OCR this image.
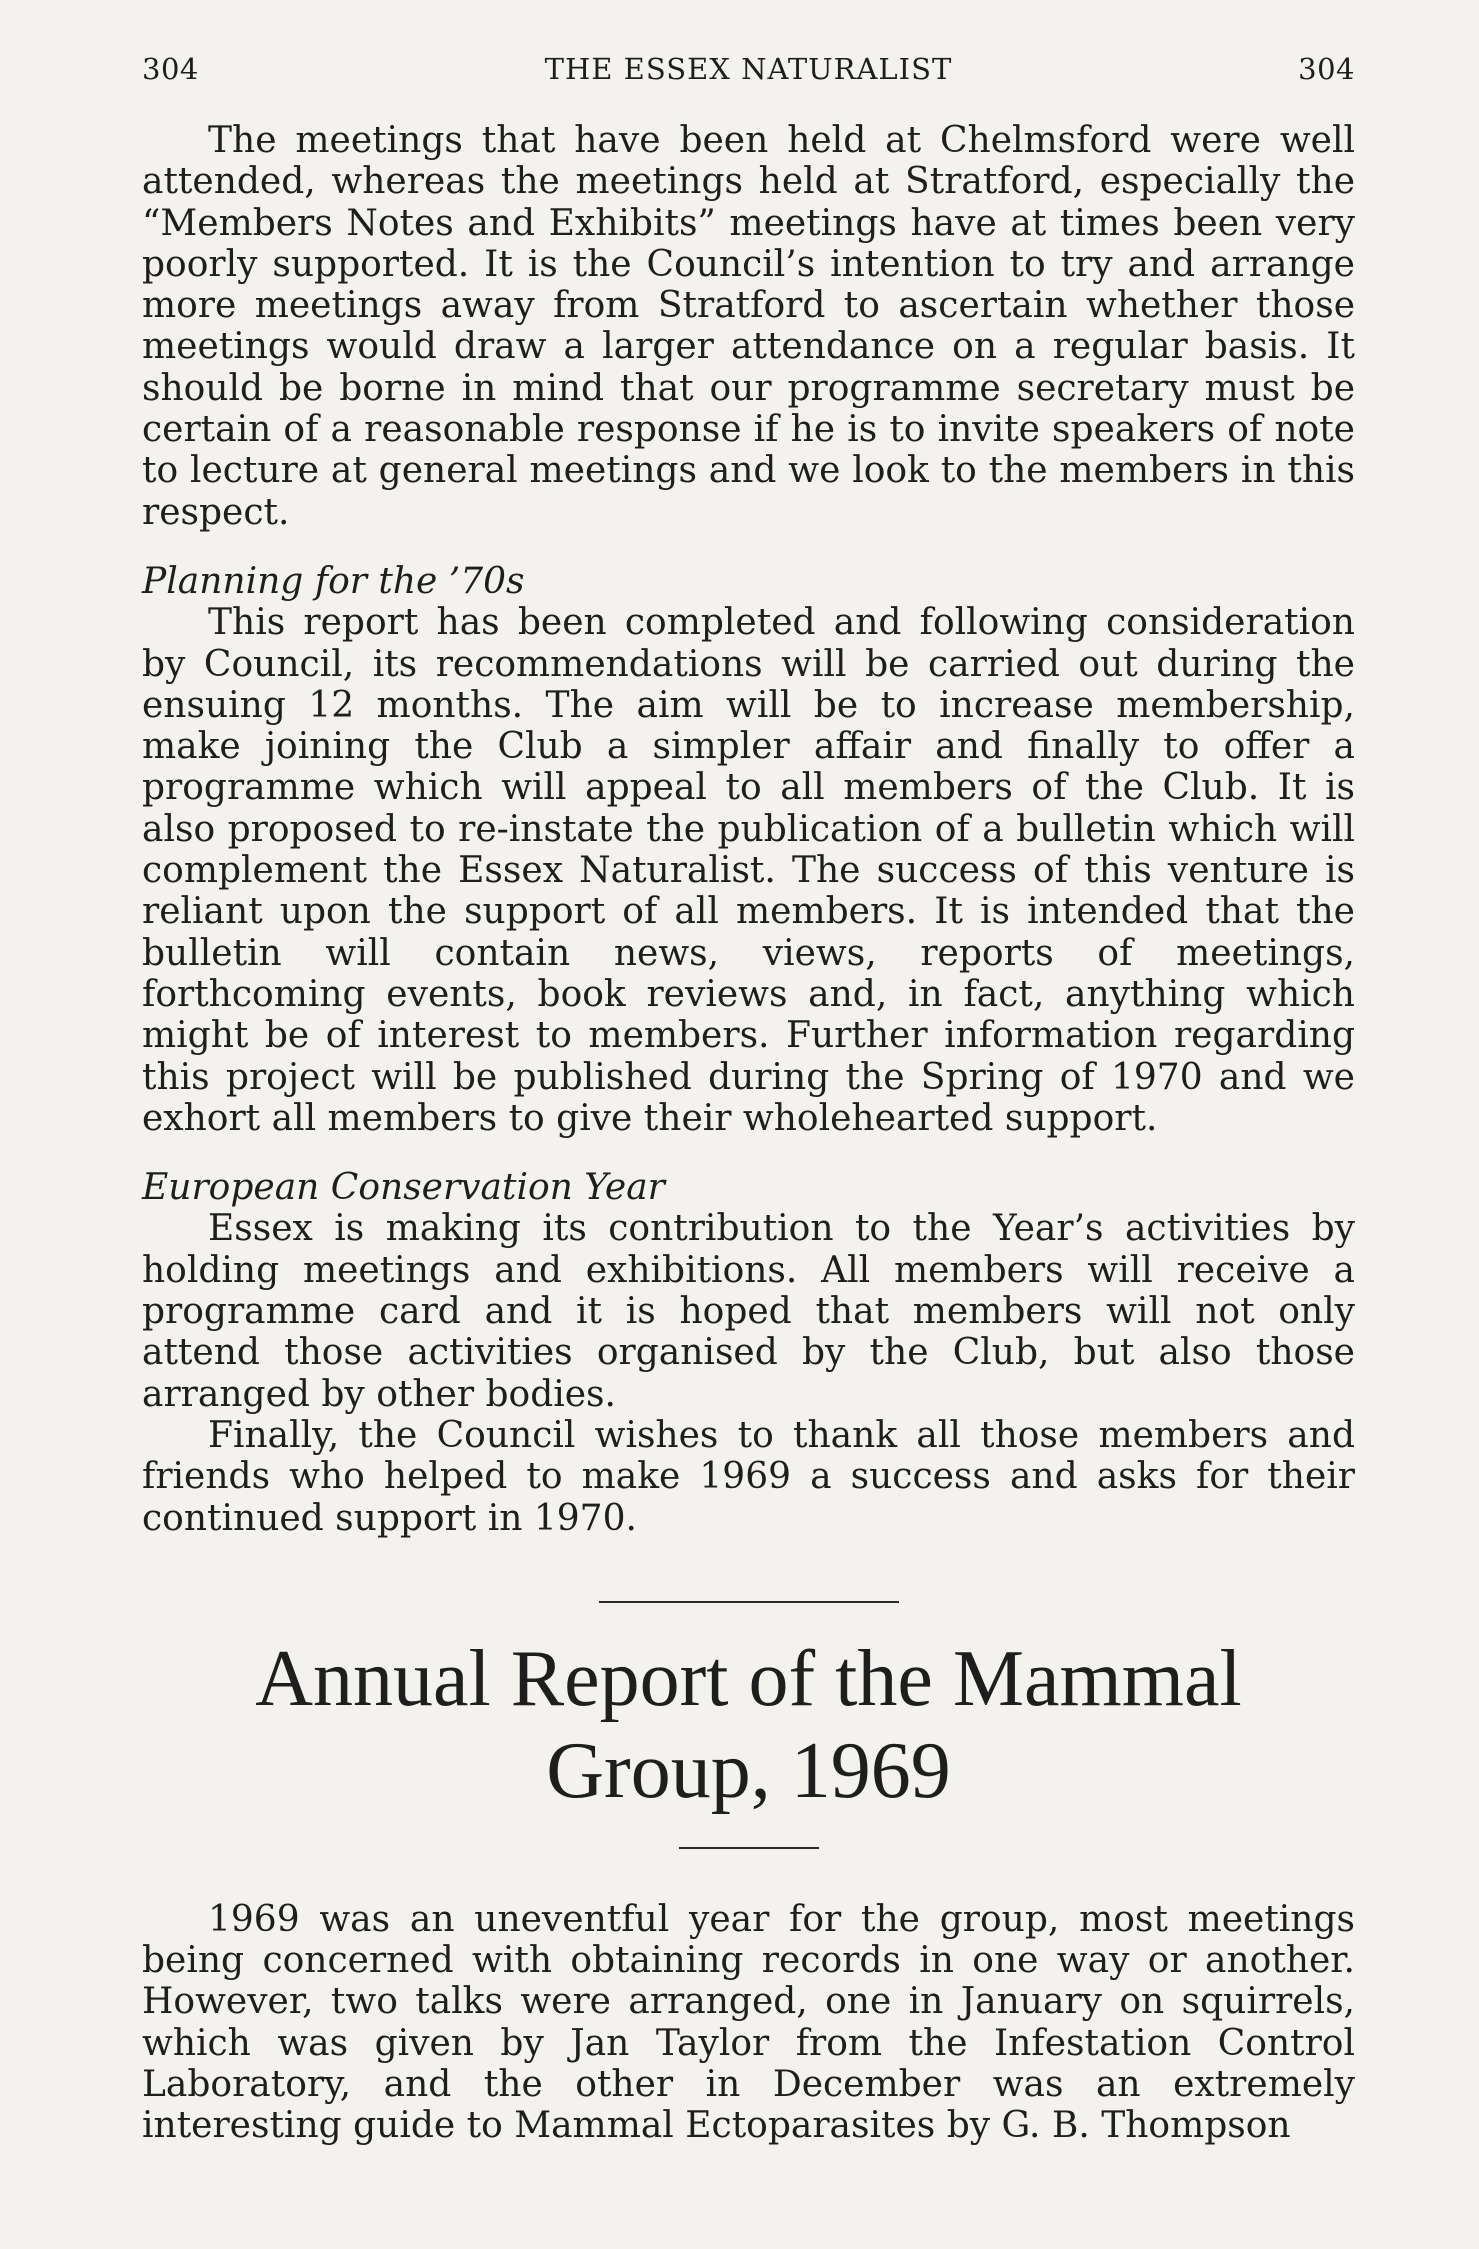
304	THE ESSEX NATURALIST	304

The meetings that have been held at Chelmsford were well attended, whereas the meetings held at Stratford, especially the “Members Notes and Exhibits” meetings have at times been very poorly supported. It is the Council’s intention to try and arrange more meetings away from Stratford to ascertain whether those meetings would draw a larger attendance on a regular basis. It should be borne in mind that our programme secretary must be certain of a reasonable response if he is to invite speakers of note to lecture at general meetings and we look to the members in this respect.

Planning for the ’70s

This report has been completed and following consideration by Council, its recommendations will be carried out during the ensuing 12 months. The aim will be to increase membership, make joining the Club a simpler affair and finally to offer a programme which will appeal to all members of the Club. It is also proposed to re-instate the publication of a bulletin which will complement the Essex Naturalist. The success of this venture is reliant upon the support of all members. It is intended that the bulletin will contain news, views, reports of meetings, forthcoming events, book reviews and, in fact, anything which might be of interest to members. Further information regarding this project will be published during the Spring of 1970 and we exhort all members to give their wholehearted support.

European Conservation Year

Essex is making its contribution to the Year’s activities by holding meetings and exhibitions. All members will receive a programme card and it is hoped that members will not only attend those activities organised by the Club, but also those arranged by other bodies.

Finally, the Council wishes to thank all those members and friends who helped to make 1969 a success and asks for their continued support in 1970.

Annual Report of the Mammal
Group, 1969

1969 was an uneventful year for the group, most meetings being concerned with obtaining records in one way or another. However, two talks were arranged, one in January on squirrels, which was given by Jan Taylor from the Infestation Control Laboratory, and the other in December was an extremely interesting guide to Mammal Ectoparasites by G. B. Thompson
